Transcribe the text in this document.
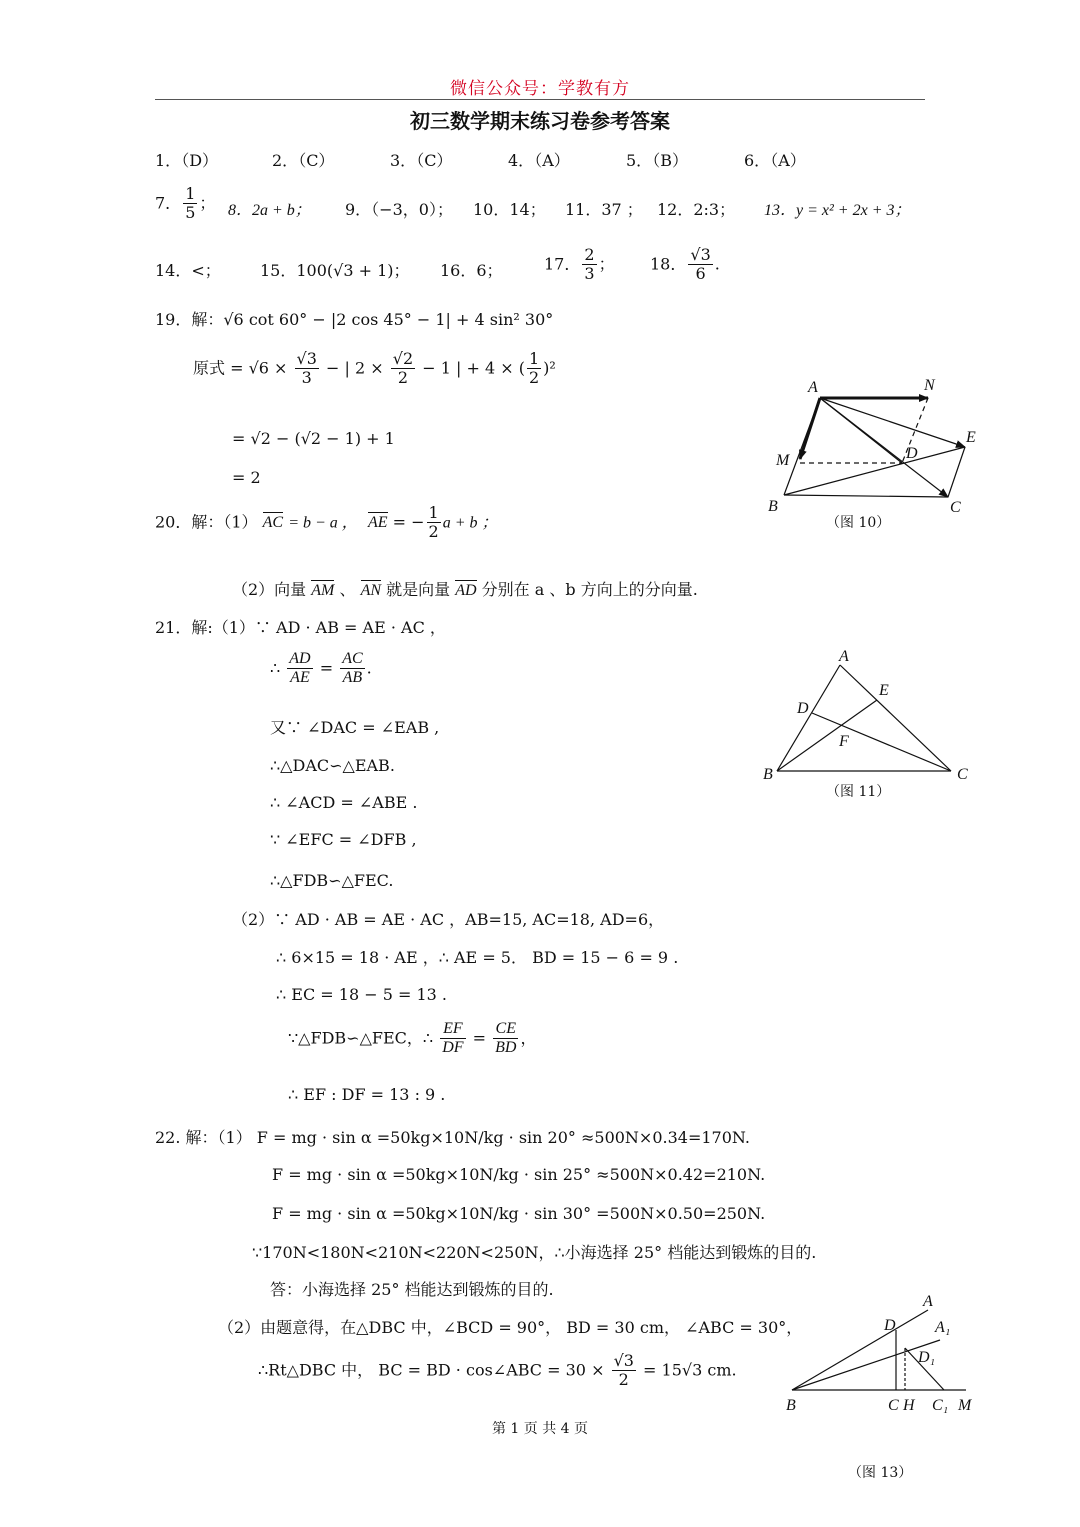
微信公众号：学教有方
初三数学期末练习卷参考答案
1．（D）	2．（C）	3．（C）	4．（A）	5．（B）	6．（A）
7． $\frac{1}{5}$ ； 8．2a + b； 9．（−3，0）； 10．14； 11．37 ； 12．2:3； 13．y = x² + 2x + 3；
14．<； 15．100(√3 + 1)； 16．6；	17． $\frac{2}{3}$ ； 18． $\frac{√3}{6}$ .
19．解：√6 cot 60° − |2 cos 45° − 1| + 4 sin² 30°
原式 = $√6 \times \frac{√3}{3}$ − | $2 \times \frac{√2}{2} - 1$ | + 4 × ( $\frac{1}{2} )^2$
= √2 − (√2 − 1) + 1
= 2
20．解：（1） AC = b − a ， AE = − $\frac{1}{2}$ a + b ；
（2）向量 AM 、 AN 就是向量 AD 分别在 a 、b 方向上的分向量.
21．解:（1）∵ AD · AB = AE · AC ，
∴ $\frac{AD}{AE} = \frac{AC}{AB}$ .
又∵ ∠DAC = ∠EAB ,
∴△DAC∽△EAB.
∴ ∠ACD = ∠ABE .
∵ ∠EFC = ∠DFB ,
∴△FDB∽△FEC.
（2）∵ AD · AB = AE · AC ，AB=15, AC=18, AD=6，
∴ 6×15 = 18 · AE ，∴ AE = 5． BD = 15 − 6 = 9 .
∴ EC = 18 − 5 = 13 .
∵△FDB∽△FEC，∴ $\frac{EF}{DF} = \frac{CE}{BD}$ ，
∴ EF : DF = 13 : 9 .
22. 解：（1） F = mg · sin α =50kg×10N/kg · sin 20° ≈500N×0.34=170N.
F = mg · sin α =50kg×10N/kg · sin 25° ≈500N×0.42=210N.
F = mg · sin α =50kg×10N/kg · sin 30° =500N×0.50=250N.
∵170N<180N<210N<220N<250N，∴小海选择 25° 档能达到锻炼的目的.
答：小海选择 25° 档能达到锻炼的目的.
（2）由题意得，在△DBC 中，∠BCD = 90°， BD = 30 cm， ∠ABC = 30°，
∴Rt△DBC 中， BC = BD · cos∠ABC = $30 \times \frac{√3}{2} = 15√3$ cm.
A	N
E
M	D
B	C
（图 10）
A
E
D
F
B	C
（图 11）
A
A₁
D
D₁
B	C H C₁ M
（图 13）
第 1 页 共 4 页
